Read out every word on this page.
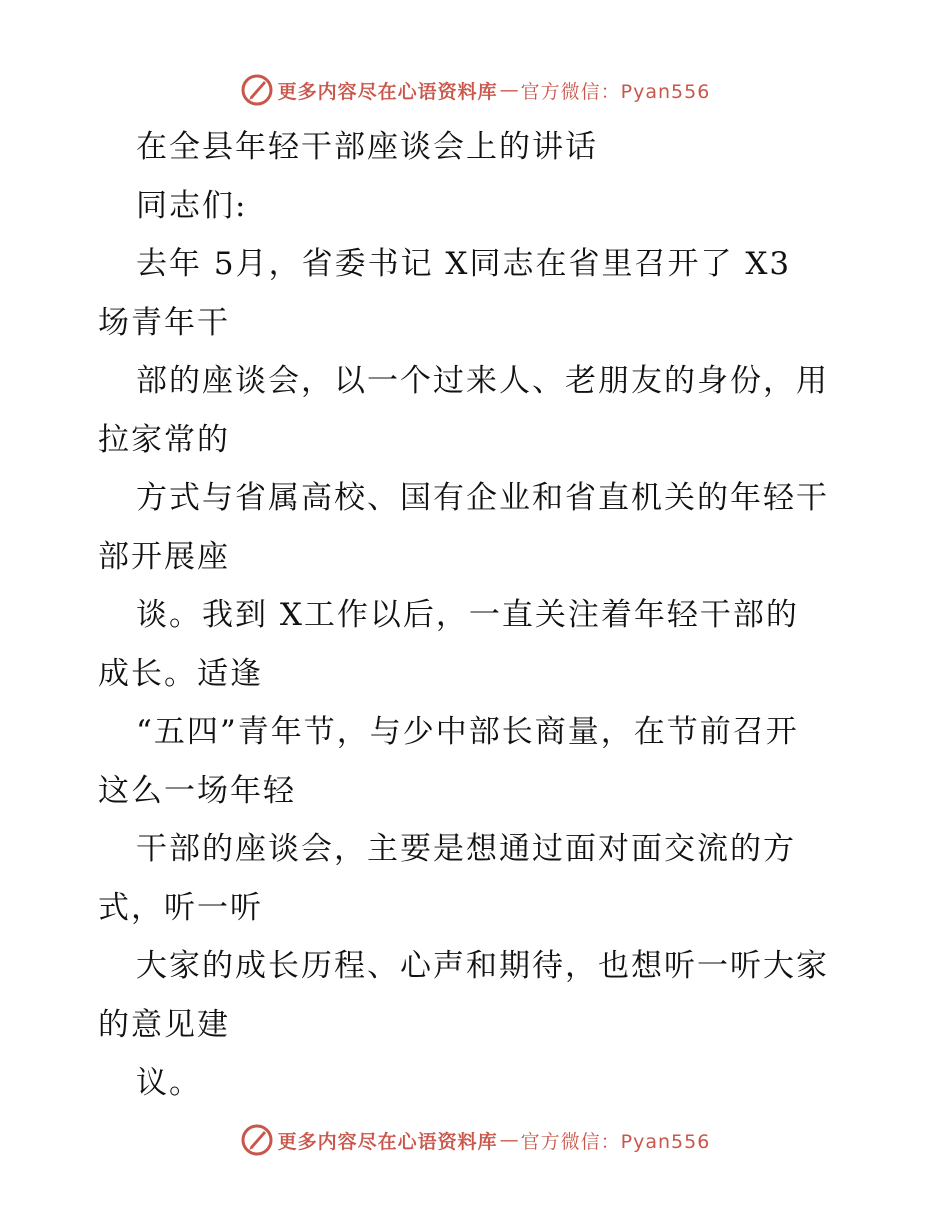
更多内容尽在心语资料库 — 官方微信：Pyan556
在全县年轻干部座谈会上的讲话
同志们:
去年 5月，省委书记 X同志在省里召开了 X3
场青年干
部的座谈会，以一个过来人、老朋友的身份，用
拉家常的
方式与省属高校、国有企业和省直机关的年轻干
部开展座
谈。我到 X工作以后，一直关注着年轻干部的
成长。适逢
“五四”青年节，与少中部长商量，在节前召开
这么一场年轻
干部的座谈会，主要是想通过面对面交流的方
式，听一听
大家的成长历程、心声和期待，也想听一听大家
的意见建
议。
更多内容尽在心语资料库 — 官方微信：Pyan556
